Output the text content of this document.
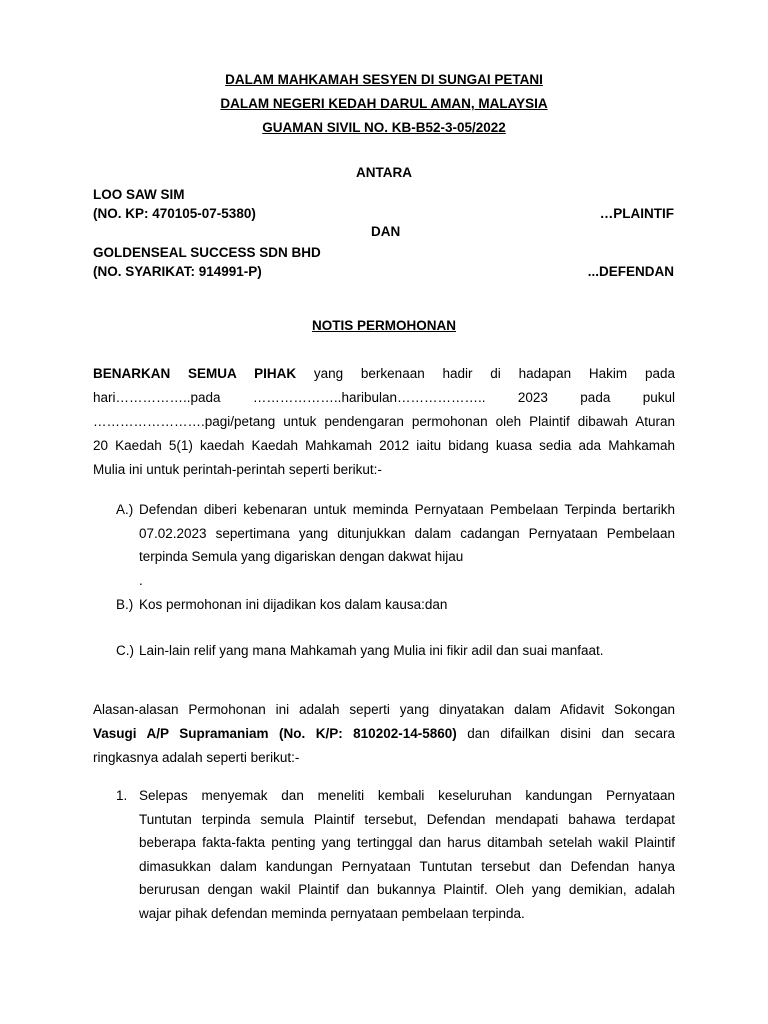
DALAM MAHKAMAH SESYEN DI SUNGAI PETANI
DALAM NEGERI KEDAH DARUL AMAN, MALAYSIA
GUAMAN SIVIL NO. KB-B52-3-05/2022
ANTARA
LOO SAW SIM
(NO. KP: 470105-07-5380)	…PLAINTIF
DAN
GOLDENSEAL SUCCESS SDN BHD
(NO. SYARIKAT: 914991-P)	...DEFENDAN
NOTIS PERMOHONAN
BENARKAN SEMUA PIHAK yang berkenaan hadir di hadapan Hakim pada
hari……………..pada ………………..haribulan……………….. 2023 pada pukul
…………………….pagi/petang untuk pendengaran permohonan oleh Plaintif dibawah Aturan
20 Kaedah 5(1) kaedah Kaedah Mahkamah 2012 iaitu bidang kuasa sedia ada Mahkamah
Mulia ini untuk perintah-perintah seperti berikut:-
A.) Defendan diberi kebenaran untuk meminda Pernyataan Pembelaan Terpinda bertarikh
07.02.2023 sepertimana yang ditunjukkan dalam cadangan Pernyataan Pembelaan
terpinda Semula yang digariskan dengan dakwat hijau
.
B.) Kos permohonan ini dijadikan kos dalam kausa:dan
C.) Lain-lain relif yang mana Mahkamah yang Mulia ini fikir adil dan suai manfaat.
Alasan-alasan Permohonan ini adalah seperti yang dinyatakan dalam Afidavit Sokongan
Vasugi A/P Supramaniam (No. K/P: 810202-14-5860) dan difailkan disini dan secara
ringkasnya adalah seperti berikut:-
1. Selepas menyemak dan meneliti kembali keseluruhan kandungan Pernyataan
Tuntutan terpinda semula Plaintif tersebut, Defendan mendapati bahawa terdapat
beberapa fakta-fakta penting yang tertinggal dan harus ditambah setelah wakil Plaintif
dimasukkan dalam kandungan Pernyataan Tuntutan tersebut dan Defendan hanya
berurusan dengan wakil Plaintif dan bukannya Plaintif. Oleh yang demikian, adalah
wajar pihak defendan meminda pernyataan pembelaan terpinda.
